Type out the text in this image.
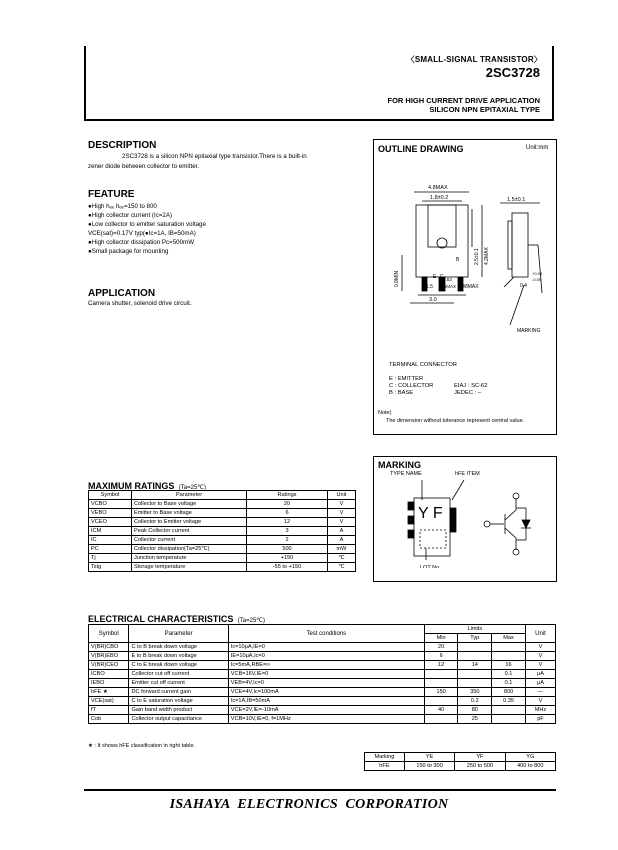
〈SMALL-SIGNAL TRANSISTOR〉
2SC3728
FOR HIGH CURRENT DRIVE APPLICATION
SILICON NPN EPITAXIAL TYPE
DESCRIPTION
2SC3728 is a silicon NPN epitaxial type transistor.There is a built-in
zener diode between collector to emitter.
FEATURE
●High hₑₑ hₑₑ=150 to 800
●High collector current (Ic=2A)
●Low collector to emitter saturation voltage
VCE(sat)=0.17V typ(●Ic=1A, IB=50mA)
●High collector dissipation Pc=500mW
●Small package for mounting
APPLICATION
Camera shutter, solenoid drive circuit.
OUTLINE DRAWING	Unit:mm
4.8MAX
1.8±0.2	1.5±0.1
2.5±0.1 4.2MAX
0.8MIN	E C
B
0.53
1.5 1.5MAX 0.48MAX
3.0
0.4
+0.03
-0.05
MARKING
TERMINAL CONNECTOR
E : EMITTER
C : COLLECTOR
B : BASE
EIAJ : SC-62
JEDEC : –
Note)
The dimension without tolerance represent central value.
MARKING
TYPE NAME	hFE ITEM
Y F
LOT No.
MAXIMUM RATINGS (Ta=25℃)
Symbol	Parameter	Ratings	Unit
VCBO	Collector to Base voltage	20	V
VEBO	Emitter to Base voltage	6	V
VCEO	Collector to Emitter voltage	12	V
ICM	Peak Collector current	3	A
IC	Collector current	2	A
PC	Collector dissipation(Ta=25℃)	500	mW
Tj	Junction temperature	+150	℃
Tstg	Storage temperature	-55 to +150	℃
ELECTRICAL CHARACTERISTICS (Ta=25℃)
Symbol	Parameter	Test conditions	Limits			Unit
			Min	Typ	Max	
V(BR)CBO	C to B break down voltage	Ic=10μA,IE=0	20			V
V(BR)EBO	E to B break down voltage	IE=10μA,Ic=0	6			V
V(BR)CEO	C to E break down voltage	Ic=5mA,RBE=∞	12	14	16	V
ICBO	Collector cut off current	VCB=16V,IE=0			0.1	μA
IEBO	Emitter cut off current	VEB=4V,Ic=0			0.1	μA
hFE ★	DC forward current gain	VCE=4V,Ic=100mA	150	350	800	—
VCE(sat)	C to E saturation voltage	Ic=1A,IB=50mA		0.2	0.35	V
fT	Gain band width product	VCE=2V,IE=-10mA	40	80		MHz
Cob	Collector output capacitance	VCB=10V,IE=0, f=1MHz		25		pF
★ : It shows hFE classification in right table.
Marking	YE	YF	YG
hFE	150 to 300	250 to 500	400 to 800
ISAHAYA  ELECTRONICS  CORPORATION
